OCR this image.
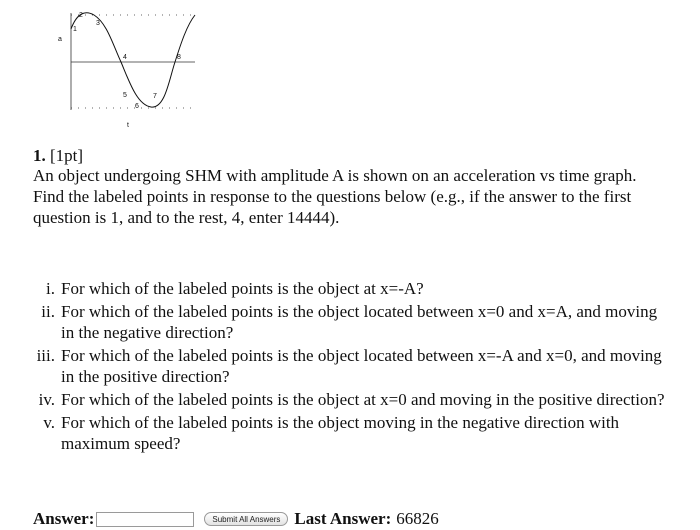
a
t
1
2
3
4
5
6
7
8
1. [1pt]

An object undergoing SHM with amplitude A is shown on an acceleration vs time graph.

Find the labeled points in response to the questions below (e.g., if the answer to the first question is 1, and to the rest, 4, enter 14444).

i. For which of the labeled points is the object at x=-A?
ii. For which of the labeled points is the object located between x=0 and x=A, and moving in the negative direction?
iii. For which of the labeled points is the object located between x=-A and x=0, and moving in the positive direction?
iv. For which of the labeled points is the object at x=0 and moving in the positive direction?
v. For which of the labeled points is the object moving in the negative direction with maximum speed?
Answer:	Submit All Answers Last Answer: 66826
